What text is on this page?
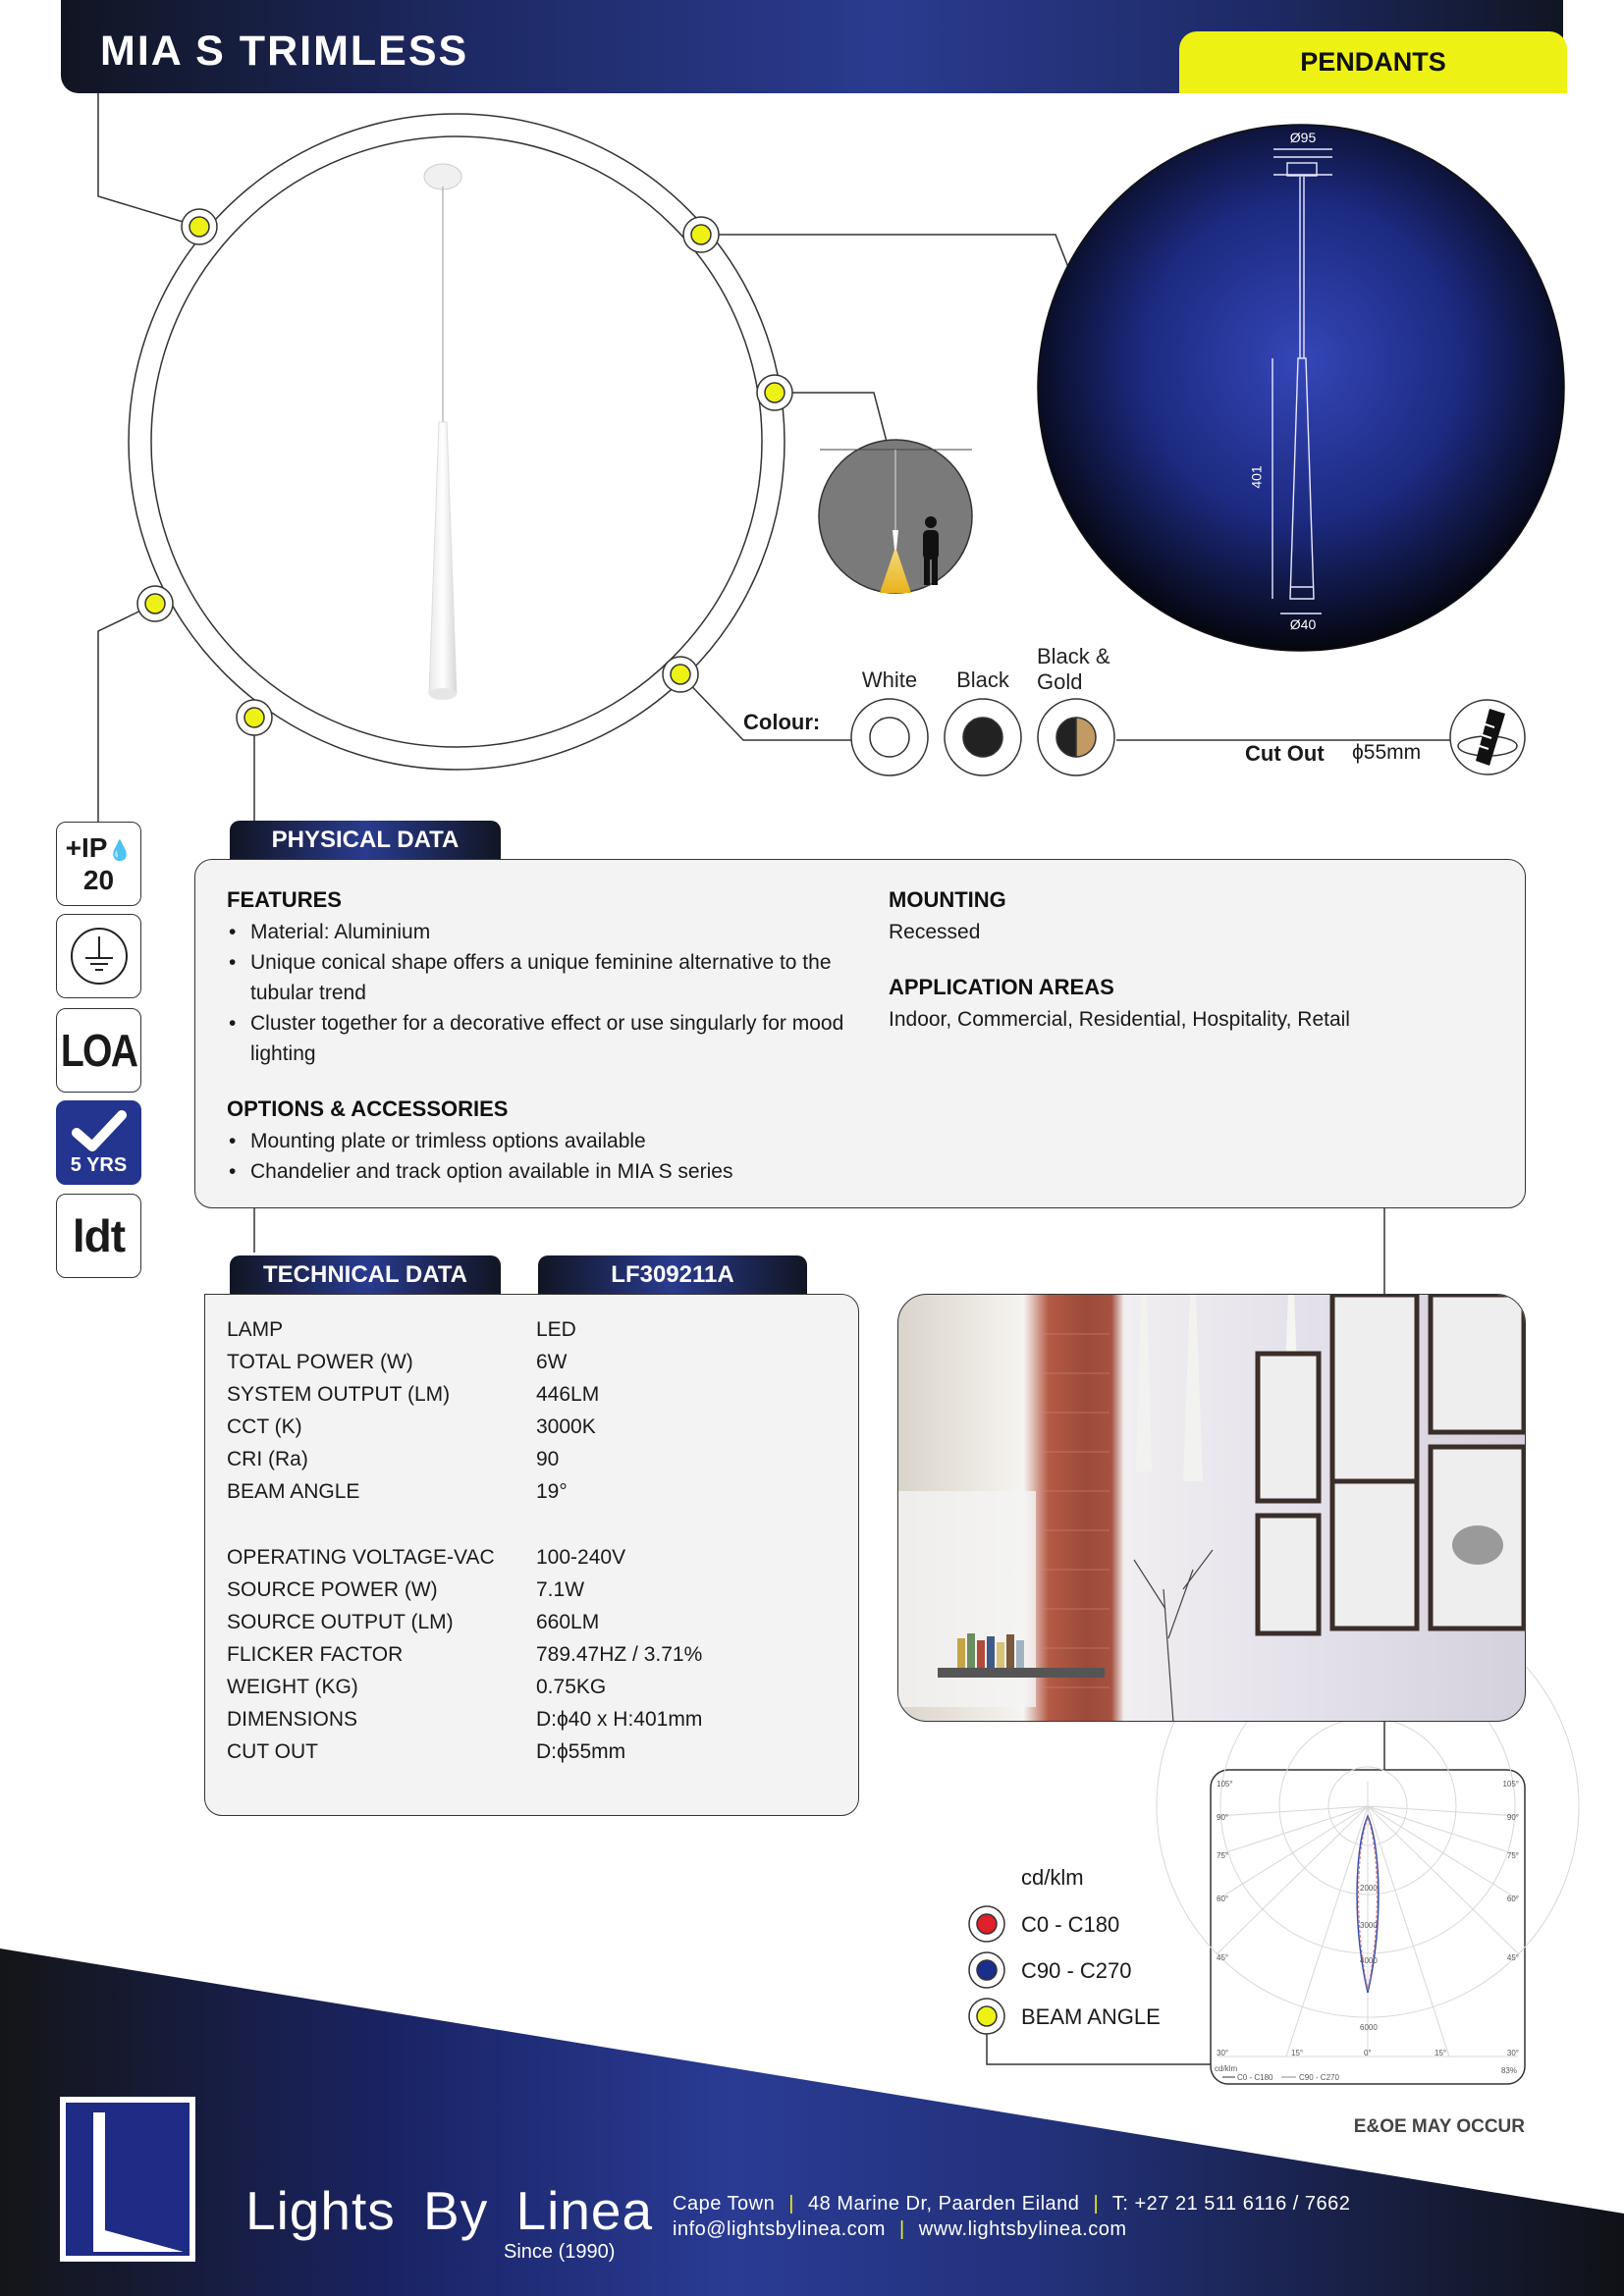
MIA S TRIMLESS	PENDANTS
Ø95
401
Ø40
Colour:
White	Black
Black &
Gold
Cut Out ϕ55mm
+IP💧
20
LOA
5 YRS
ldt
PHYSICAL DATA
FEATURES
• Material: Aluminium
• Unique conical shape offers a unique feminine alternative to the tubular trend
• Cluster together for a decorative effect or use singularly for mood lighting
OPTIONS & ACCESSORIES
• Mounting plate or trimless options available
• Chandelier and track option available in MIA S series
MOUNTING
Recessed
APPLICATION AREAS
Indoor, Commercial, Residential, Hospitality, Retail
TECHNICAL DATA	LF309211A
LAMP	LED
TOTAL POWER (W)	6W
SYSTEM OUTPUT (LM)	446LM
CCT (K)	3000K
CRI (Ra)	90
BEAM ANGLE	19°
OPERATING VOLTAGE-VAC	100-240V
SOURCE POWER (W)	7.1W
SOURCE OUTPUT (LM)	660LM
FLICKER FACTOR	789.47HZ / 3.71%
WEIGHT (KG)	0.75KG
DIMENSIONS	D:ϕ40 x H:401mm
CUT OUT	D:ϕ55mm
cd/klm
C0 - C180
C90 - C270
BEAM ANGLE
105°
90°
75°
60°
45°
105°
90°
75°
60°
45°
30°	15°	0°	15°	30°
2000
3000
4000
6000
cd/klm
C0 - C180	C90 - C270
83%
E&OE MAY OCCUR
Lights By Linea
Since (1990)
Cape Town | 48 Marine Dr, Paarden Eiland | T: +27 21 511 6116 / 7662
info@lightsbylinea.com | www.lightsbylinea.com
